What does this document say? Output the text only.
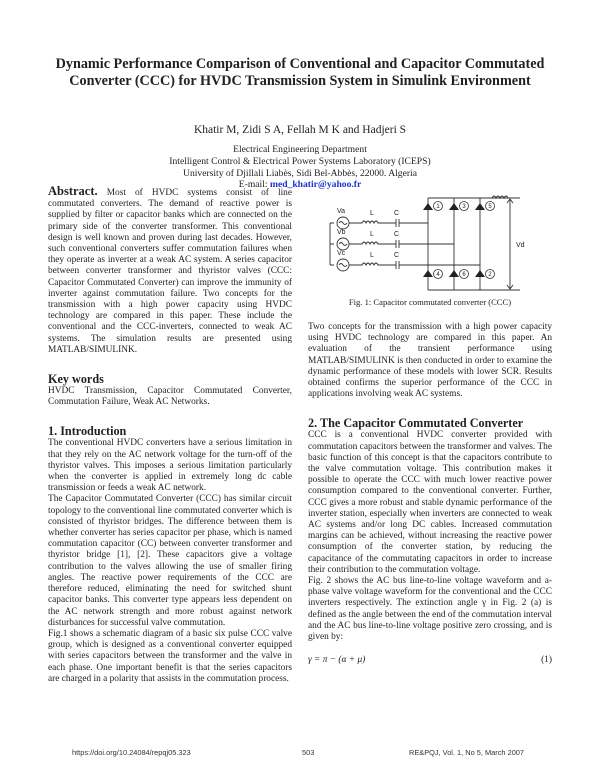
Dynamic Performance Comparison of Conventional and Capacitor Commutated Converter (CCC) for HVDC Transmission System in Simulink Environment
Khatir M, Zidi S A, Fellah M K and Hadjeri S
Electrical Engineering Department
Intelligent Control & Electrical Power Systems Laboratory (ICEPS)
University of Djillali Liabès, Sidi Bel-Abbès, 22000. Algeria
E-mail: med_khatir@yahoo.fr

Abstract. Most of HVDC systems consist of line commutated converters. The demand of reactive power is supplied by filter or capacitor banks which are connected on the primary side of the converter transformer. This conventional design is well known and proven during last decades. However, such conventional converters suffer commutation failures when they operate as inverter at a weak AC system. A series capacitor between converter transformer and thyristor valves (CCC: Capacitor Commutated Converter) can improve the immunity of inverter against commutation failure. Two concepts for the transmission with a high power capacity using HVDC technology are compared in this paper. These include the conventional and the CCC-inverters, connected to weak AC systems. The simulation results are presented using MATLAB/SIMULINK.

Key words

HVDC Transmission, Capacitor Commutated Converter, Commutation Failure, Weak AC Networks.

1. Introduction

The conventional HVDC converters have a serious limitation in that they rely on the AC network voltage for the turn-off of the thyristor valves. This imposes a serious limitation particularly when the converter is applied in extremely long dc cable transmission or feeds a weak AC network.

The Capacitor Commutated Converter (CCC) has similar circuit topology to the conventional line commutated converter which is consisted of thyristor bridges. The difference between them is whether converter has series capacitor per phase, which is named commutation capacitor (CC) between converter transformer and thyristor bridge [1], [2]. These capacitors give a voltage contribution to the valves allowing the use of smaller firing angles. The reactive power requirements of the CCC are therefore reduced, eliminating the need for switched shunt capacitor banks. This converter type appears less dependent on the AC network strength and more robust against network disturbances for successful valve commutation.

Fig.1 shows a schematic diagram of a basic six pulse CCC valve group, which is designed as a conventional converter equipped with series capacitors between the transformer and the valve in each phase. One important benefit is that the series capacitors are charged in a polarity that assists in the commutation process.

Va
Vb
Vc
L
L
L
C
C
C
Vd
1	3	5
4	6	2
Fig. 1: Capacitor commutated converter (CCC)

Two concepts for the transmission with a high power capacity using HVDC technology are compared in this paper. An evaluation of the transient performance using MATLAB/SIMULINK is then conducted in order to examine the dynamic performance of these models with lower SCR. Results obtained confirms the superior performance of the CCC in applications involving weak AC systems.

2. The Capacitor Commutated Converter

CCC is a conventional HVDC converter provided with commutation capacitors between the transformer and valves. The basic function of this concept is that the capacitors contribute to the valve commutation voltage. This contribution makes it possible to operate the CCC with much lower reactive power consumption compared to the conventional converter. Further, CCC gives a more robust and stable dynamic performance of the inverter station, especially when inverters are connected to weak AC systems and/or long DC cables. Increased commutation margins can be achieved, without increasing the reactive power consumption of the converter station, by reducing the capacitance of the commutating capacitors in order to increase their contribution to the commutation voltage.

Fig. 2 shows the AC bus line-to-line voltage waveform and a-phase valve voltage waveform for the conventional and the CCC inverters respectively. The extinction angle γ in Fig. 2 (a) is defined as the angle between the end of the commutation interval and the AC bus line-to-line voltage positive zero crossing, and is given by:

γ = π − (α + μ)	(1)
https://doi.org/10.24084/repqj05.323	503	RE&PQJ, Vol. 1, No 5, March 2007
